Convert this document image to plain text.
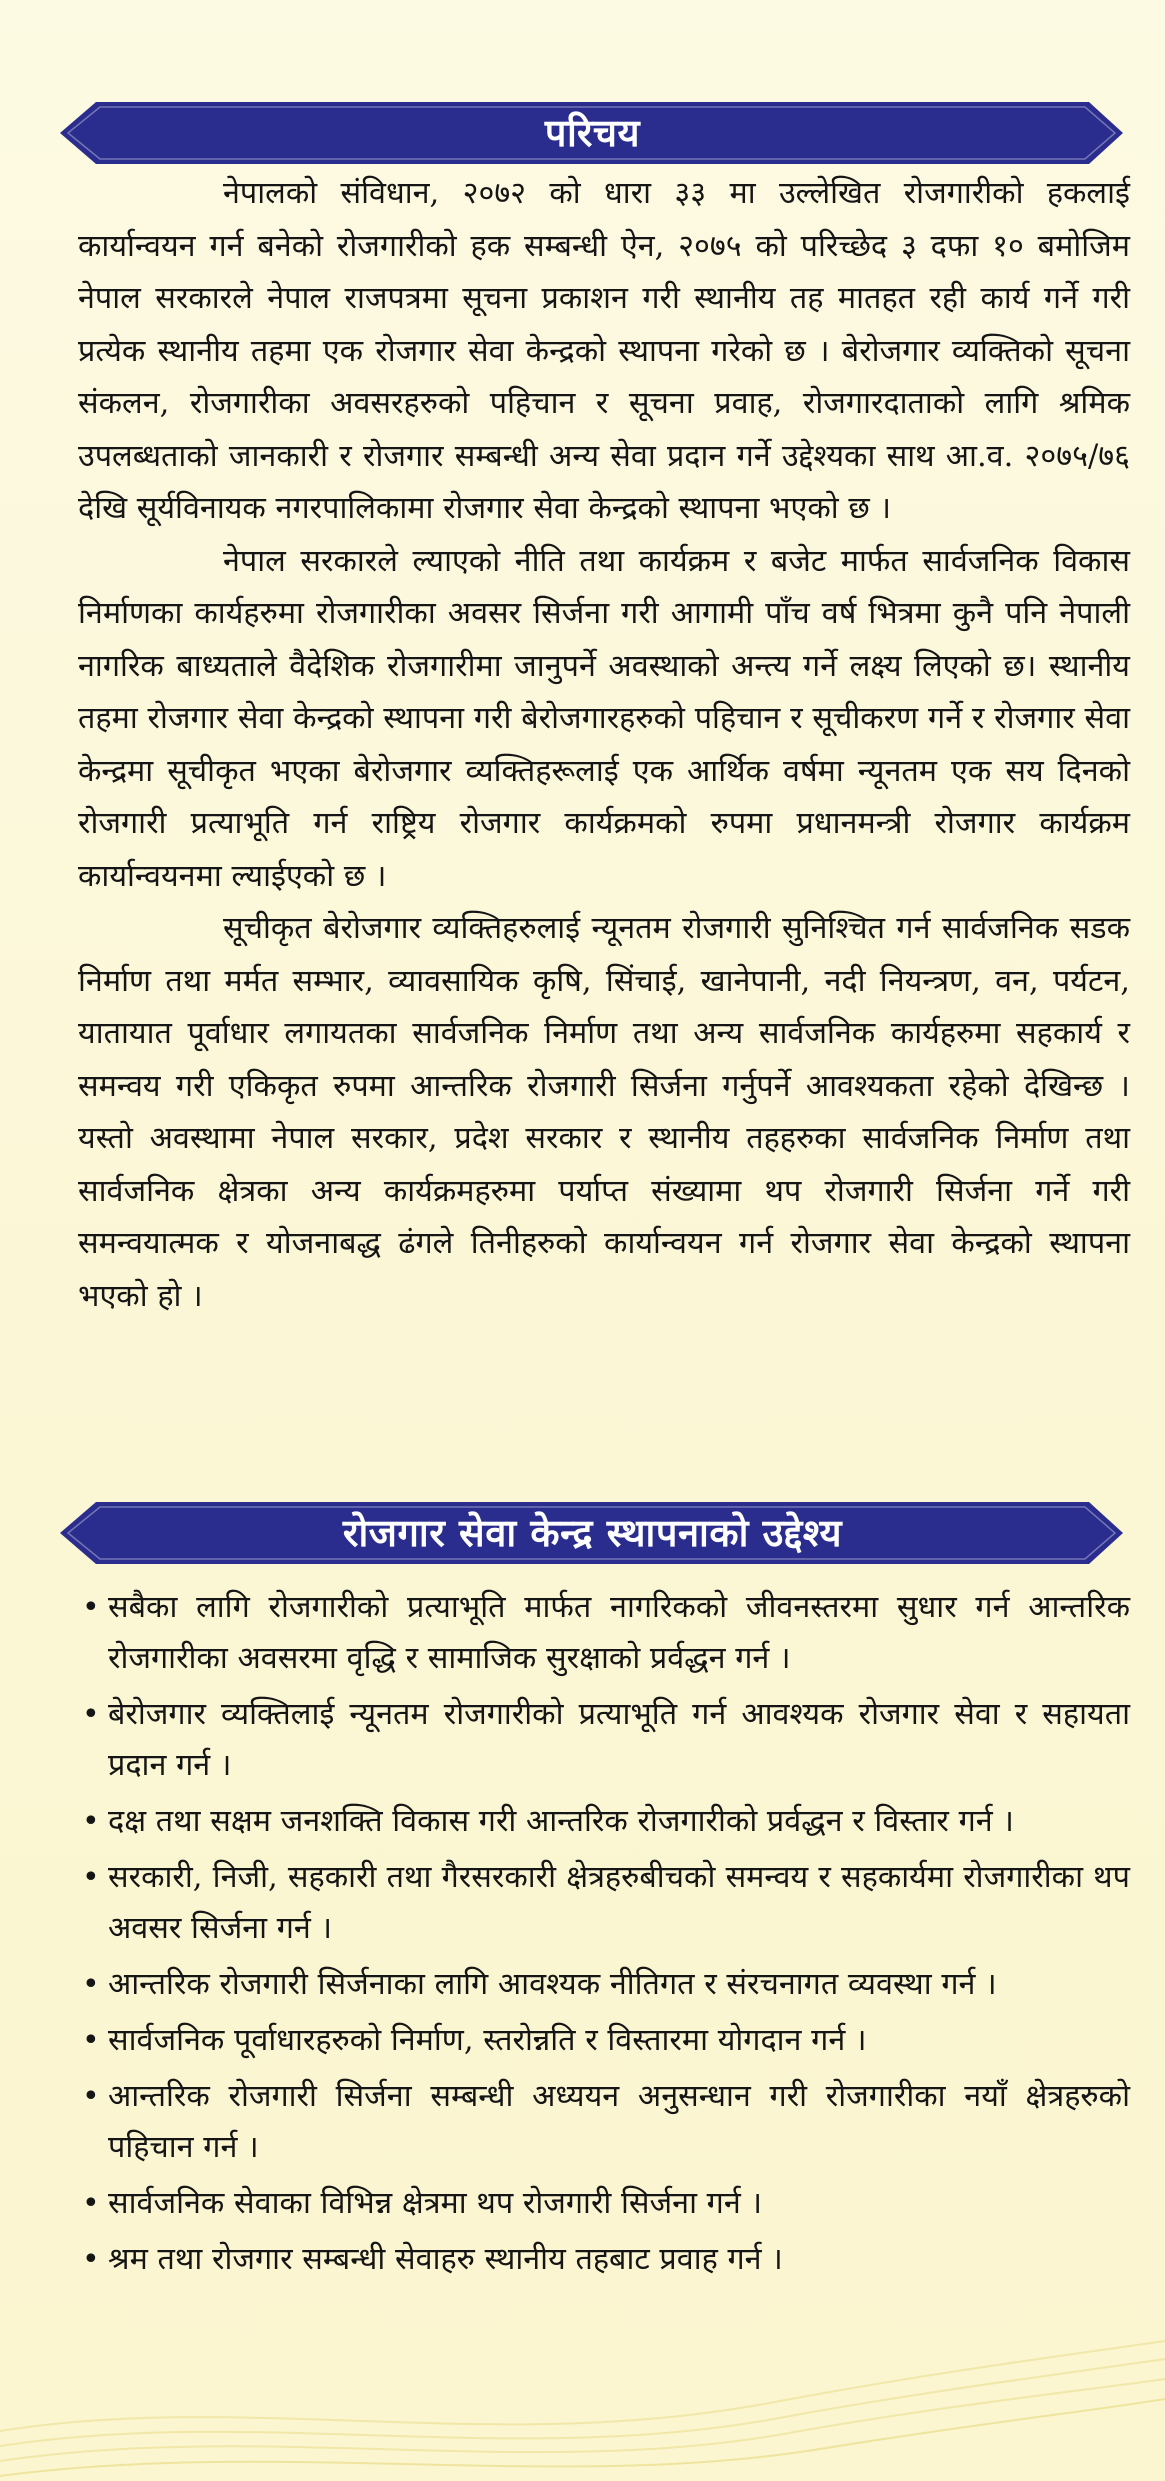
परिचय

नेपालको संविधान, २०७२ को धारा ३३ मा उल्लेखित रोजगारीको हकलाई कार्यान्वयन गर्न बनेको रोजगारीको हक सम्बन्धी ऐन, २०७५ को परिच्छेद ३ दफा १० बमोजिम नेपाल सरकारले नेपाल राजपत्रमा सूचना प्रकाशन गरी स्थानीय तह मातहत रही कार्य गर्ने गरी प्रत्येक स्थानीय तहमा एक रोजगार सेवा केन्द्रको स्थापना गरेको छ । बेरोजगार व्यक्तिको सूचना संकलन, रोजगारीका अवसरहरुको पहिचान र सूचना प्रवाह, रोजगारदाताको लागि श्रमिक उपलब्धताको जानकारी र रोजगार सम्बन्धी अन्य सेवा प्रदान गर्ने उद्देश्यका साथ आ.व. २०७५/७६ देखि सूर्यविनायक नगरपालिकामा रोजगार सेवा केन्द्रको स्थापना भएको छ ।

नेपाल सरकारले ल्याएको नीति तथा कार्यक्रम र बजेट मार्फत सार्वजनिक विकास निर्माणका कार्यहरुमा रोजगारीका अवसर सिर्जना गरी आगामी पाँच वर्ष भित्रमा कुनै पनि नेपाली नागरिक बाध्यताले वैदेशिक रोजगारीमा जानुपर्ने अवस्थाको अन्त्य गर्ने लक्ष्य लिएको छ। स्थानीय तहमा रोजगार सेवा केन्द्रको स्थापना गरी बेरोजगारहरुको पहिचान र सूचीकरण गर्ने र रोजगार सेवा केन्द्रमा सूचीकृत भएका बेरोजगार व्यक्तिहरूलाई एक आर्थिक वर्षमा न्यूनतम एक सय दिनको रोजगारी प्रत्याभूति गर्न राष्ट्रिय रोजगार कार्यक्रमको रुपमा प्रधानमन्त्री रोजगार कार्यक्रम कार्यान्वयनमा ल्याईएको छ ।

सूचीकृत बेरोजगार व्यक्तिहरुलाई न्यूनतम रोजगारी सुनिश्चित गर्न सार्वजनिक सडक निर्माण तथा मर्मत सम्भार, व्यावसायिक कृषि, सिंचाई, खानेपानी, नदी नियन्त्रण, वन, पर्यटन, यातायात पूर्वाधार लगायतका सार्वजनिक निर्माण तथा अन्य सार्वजनिक कार्यहरुमा सहकार्य र समन्वय गरी एकिकृत रुपमा आन्तरिक रोजगारी सिर्जना गर्नुपर्ने आवश्यकता रहेको देखिन्छ । यस्तो अवस्थामा नेपाल सरकार, प्रदेश सरकार र स्थानीय तहहरुका सार्वजनिक निर्माण तथा सार्वजनिक क्षेत्रका अन्य कार्यक्रमहरुमा पर्याप्त संख्यामा थप रोजगारी सिर्जना गर्ने गरी समन्वयात्मक र योजनाबद्ध ढंगले तिनीहरुको कार्यान्वयन गर्न रोजगार सेवा केन्द्रको स्थापना भएको हो ।

रोजगार सेवा केन्द्र स्थापनाको उद्देश्य
• सबैका लागि रोजगारीको प्रत्याभूति मार्फत नागरिकको जीवनस्तरमा सुधार गर्न आन्तरिक रोजगारीका अवसरमा वृद्धि र सामाजिक सुरक्षाको प्रर्वद्धन गर्न ।
• बेरोजगार व्यक्तिलाई न्यूनतम रोजगारीको प्रत्याभूति गर्न आवश्यक रोजगार सेवा र सहायता प्रदान गर्न ।
• दक्ष तथा सक्षम जनशक्ति विकास गरी आन्तरिक रोजगारीको प्रर्वद्धन र विस्तार गर्न ।
• सरकारी, निजी, सहकारी तथा गैरसरकारी क्षेत्रहरुबीचको समन्वय र सहकार्यमा रोजगारीका थप अवसर सिर्जना गर्न ।
• आन्तरिक रोजगारी सिर्जनाका लागि आवश्यक नीतिगत र संरचनागत व्यवस्था गर्न ।
• सार्वजनिक पूर्वाधारहरुको निर्माण, स्तरोन्नति र विस्तारमा योगदान गर्न ।
• आन्तरिक रोजगारी सिर्जना सम्बन्धी अध्ययन अनुसन्धान गरी रोजगारीका नयाँ क्षेत्रहरुको पहिचान गर्न ।
• सार्वजनिक सेवाका विभिन्न क्षेत्रमा थप रोजगारी सिर्जना गर्न ।
• श्रम तथा रोजगार सम्बन्धी सेवाहरु स्थानीय तहबाट प्रवाह गर्न ।
